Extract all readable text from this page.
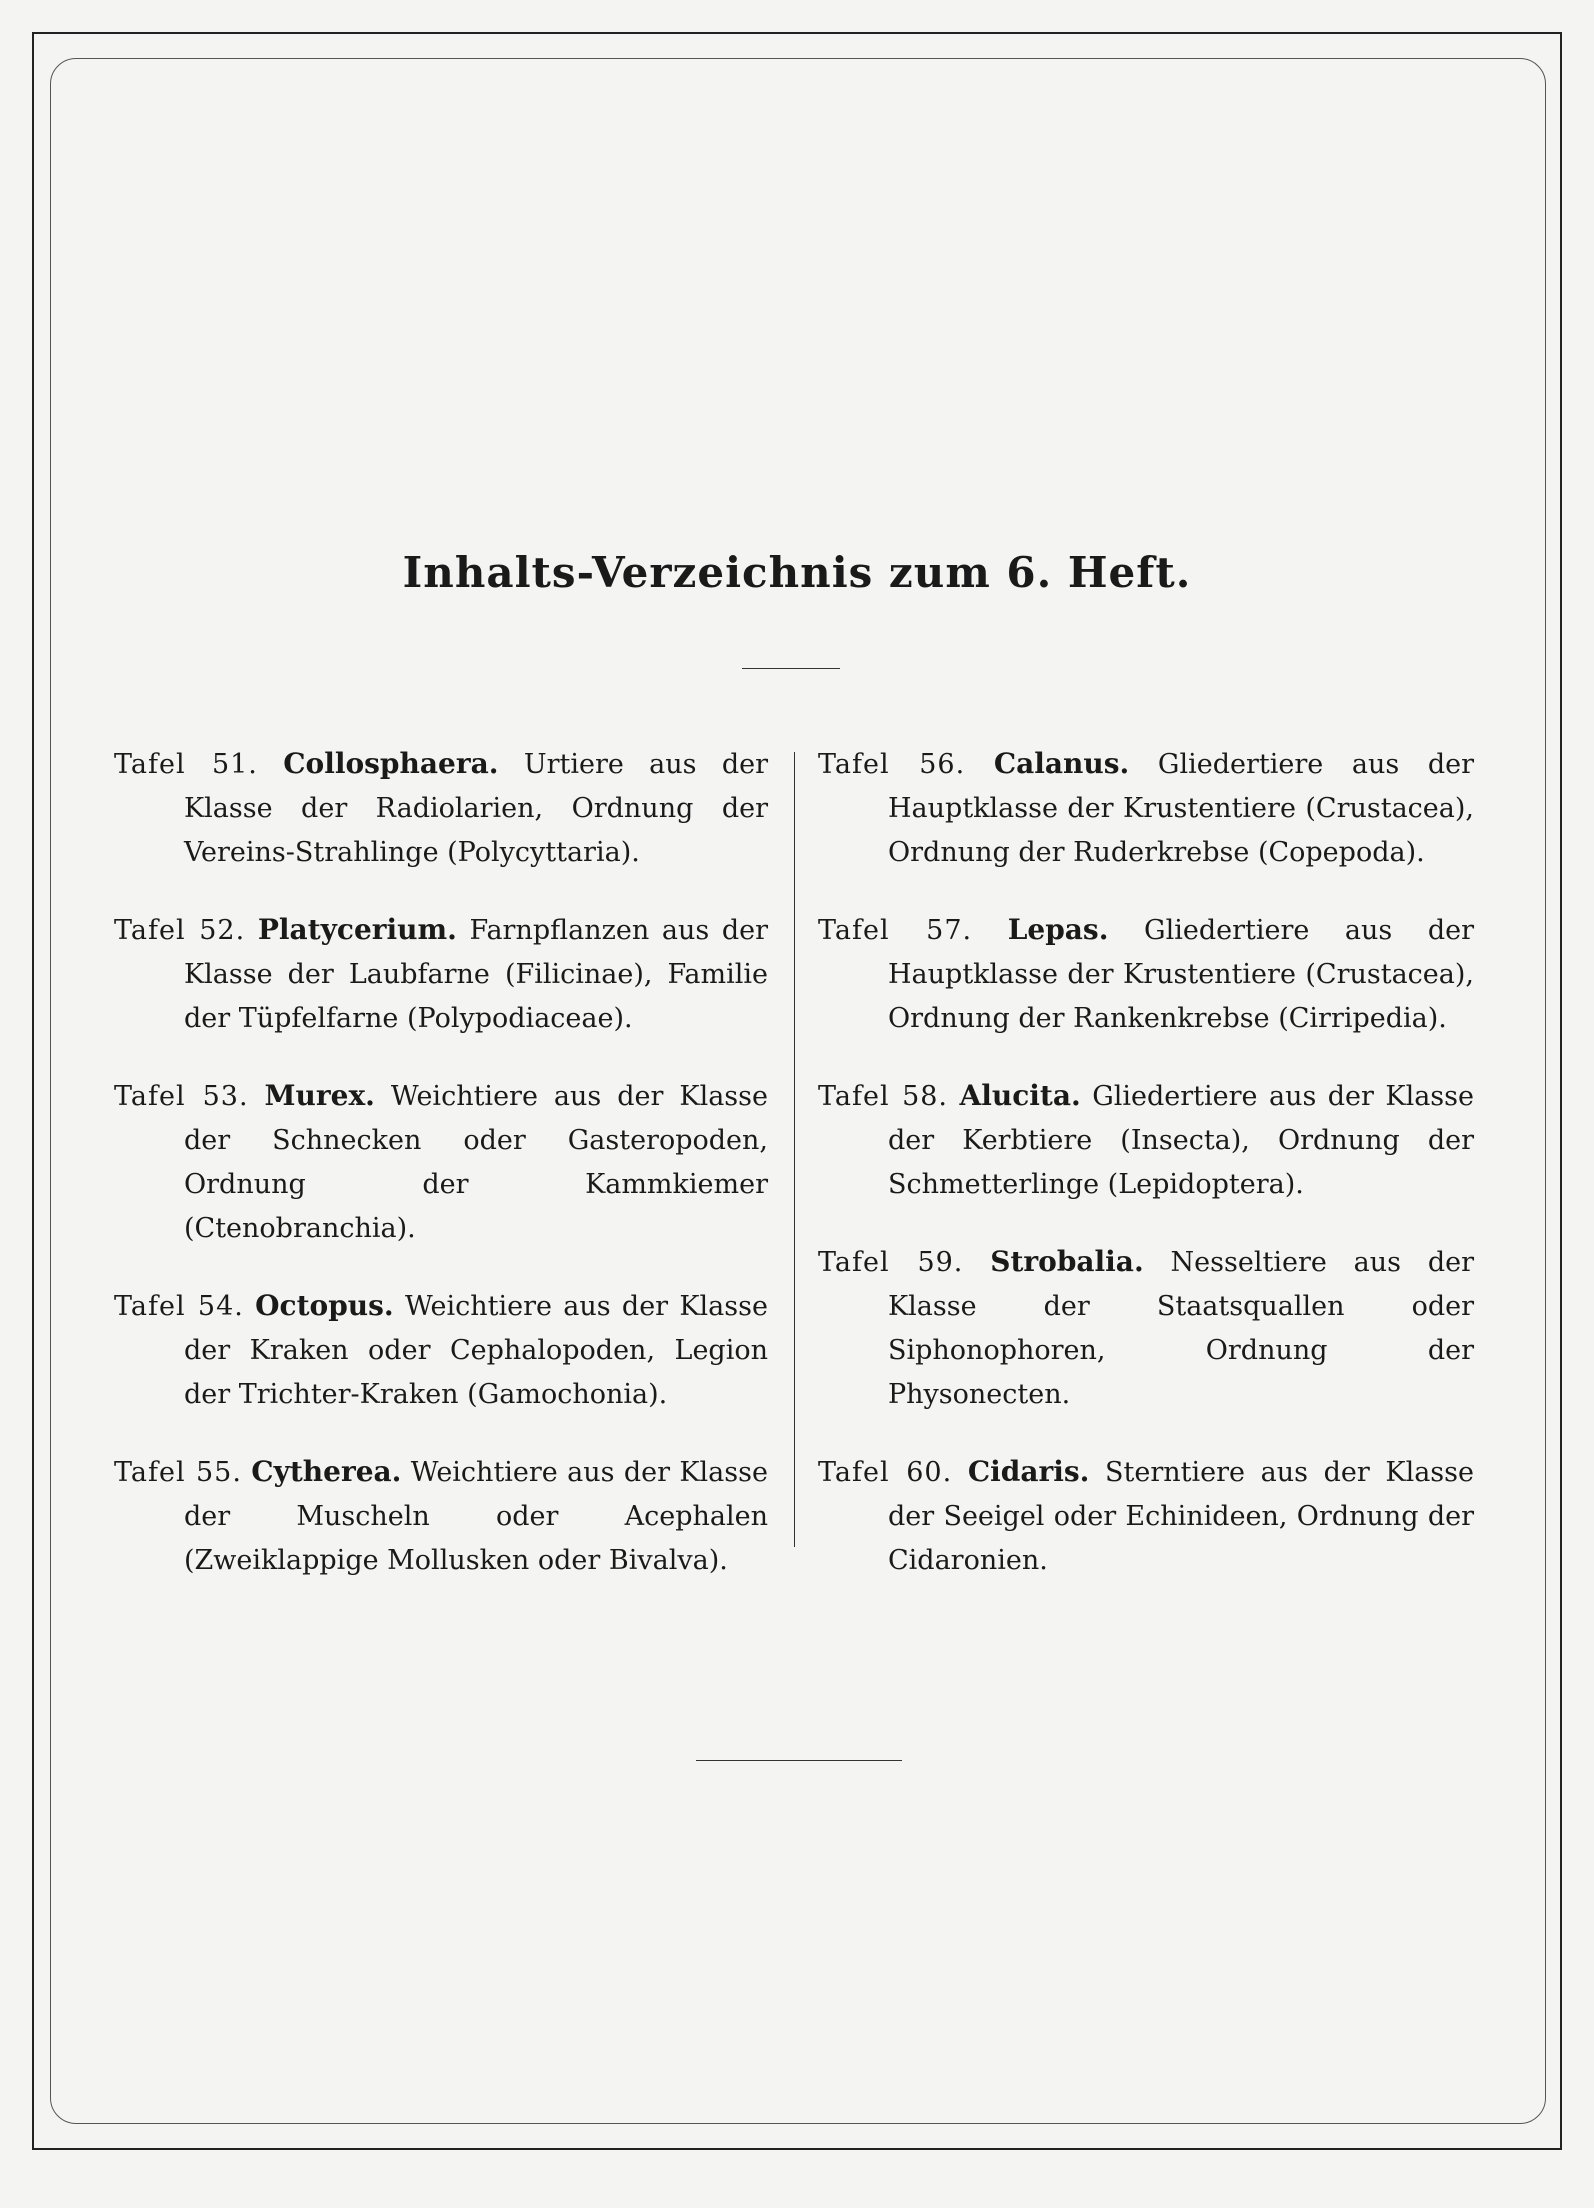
Inhalts-Verzeichnis zum 6. Heft.

Tafel 51. Collosphaera. Urtiere aus der Klasse der Radiolarien, Ordnung der Vereins-Strahlinge (Polycyttaria).

Tafel 52. Platycerium. Farnpflanzen aus der Klasse der Laubfarne (Filicinae), Familie der Tüpfelfarne (Polypodiaceae).

Tafel 53. Murex. Weichtiere aus der Klasse der Schnecken oder Gasteropoden, Ordnung der Kammkiemer (Ctenobranchia).

Tafel 54. Octopus. Weichtiere aus der Klasse der Kraken oder Cephalopoden, Legion der Trichter-Kraken (Gamochonia).

Tafel 55. Cytherea. Weichtiere aus der Klasse der Muscheln oder Acephalen (Zweiklappige Mollusken oder Bivalva).

Tafel 56. Calanus. Gliedertiere aus der Hauptklasse der Krustentiere (Crustacea), Ordnung der Ruderkrebse (Copepoda).

Tafel 57. Lepas. Gliedertiere aus der Hauptklasse der Krustentiere (Crustacea), Ordnung der Rankenkrebse (Cirripedia).

Tafel 58. Alucita. Gliedertiere aus der Klasse der Kerbtiere (Insecta), Ordnung der Schmetterlinge (Lepidoptera).

Tafel 59. Strobalia. Nesseltiere aus der Klasse der Staatsquallen oder Siphonophoren, Ordnung der Physonecten.

Tafel 60. Cidaris. Sterntiere aus der Klasse der Seeigel oder Echinideen, Ordnung der Cidaronien.
